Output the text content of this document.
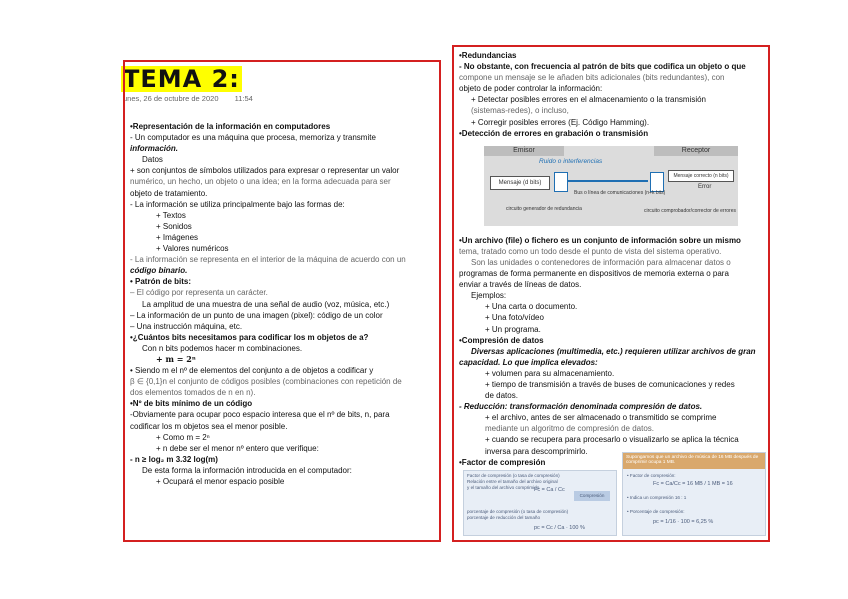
TEMA 2:
unes, 26 de octubre de 2020 11:54
•Representación de la información en computadores
- Un computador es una máquina que procesa, memoriza y transmite
información.
Datos
+ son conjuntos de símbolos utilizados para expresar o representar un valor
numérico, un hecho, un objeto o una idea; en la forma adecuada para ser
objeto de tratamiento.
- La información se utiliza principalmente bajo las formas de:
+ Textos
+ Sonidos
+ Imágenes
+ Valores numéricos
- La información se representa en el interior de la máquina de acuerdo con un
código binario.
• Patrón de bits:
– El código por representa un carácter.
La amplitud de una muestra de una señal de audio (voz, música, etc.)
– La información de un punto de una imagen (pixel): código de un color
– Una instrucción máquina, etc.
•¿Cuántos bits necesitamos para codificar los m objetos de a?
Con n bits podemos hacer m combinaciones.
+ m = 2ⁿ
• Siendo m el nº de elementos del conjunto a de objetos a codificar y
β ∈ {0,1}n el conjunto de códigos posibles (combinaciones con repetición de
dos elementos tomados de n en n).
•Nº de bits mínimo de un código
-Obviamente para ocupar poco espacio interesa que el nº de bits, n, para
codificar los m objetos sea el menor posible.
+ Como m = 2ⁿ
+ n debe ser el menor nº entero que verifique:
- n ≥ log₂ m 3.32 log(m)
De esta forma la información introducida en el computador:
+ Ocupará el menor espacio posible
•Redundancias
- No obstante, con frecuencia al patrón de bits que codifica un objeto o que
compone un mensaje se le añaden bits adicionales (bits redundantes), con
objeto de poder controlar la información:
+ Detectar posibles errores en el almacenamiento o la transmisión
(sistemas-redes), o incluso,
+ Corregir posibles errores (Ej. Código Hamming).
•Detección de errores en grabación o transmisión
•Un archivo (file) o fichero es un conjunto de información sobre un mismo
tema, tratado como un todo desde el punto de vista del sistema operativo.
Son las unidades o contenedores de información para almacenar datos o
programas de forma permanente en dispositivos de memoria externa o para
enviar a través de líneas de datos.
Ejemplos:
+ Una carta o documento.
+ Una foto/vídeo
+ Un programa.
•Compresión de datos
Diversas aplicaciones (multimedia, etc.) requieren utilizar archivos de gran
capacidad. Lo que implica elevados:
+ volumen para su almacenamiento.
+ tiempo de transmisión a través de buses de comunicaciones y redes
de datos.
- Reducción: transformación denominada compresión de datos.
+ el archivo, antes de ser almacenado o transmitido se comprime
mediante un algoritmo de compresión de datos.
+ cuando se recupera para procesarlo o visualizarlo se aplica la técnica
inversa para descomprimirlo.
•Factor de compresión
Emisor	Receptor
Ruido o interferencias
Mensaje (d bits)
Mensaje correcto (n bits)
Error
Bus o línea de comunicaciones (n+k bits)
circuito generador de redundancia	circuito comprobador/corrector de errores
Factor de compresión (o tasa de compresión)
Relación entre el tamaño del archivo original
y el tamaño del archivo comprimido
Fc = Ca / Cc
Compresión
porcentaje de compresión (o tasa de compresión)
porcentaje de reducción del tamaño
pc = Cc / Ca · 100 %
Supongamos que un archivo de música de 16 MB después de comprimir ocupa 1 MB.
• Factor de compresión:
Fc = Ca/Cc = 16 MB / 1 MB = 16
• Indica un compresión 16 : 1
• Porcentaje de compresión:
pc = 1/16 · 100 = 6,25 %
